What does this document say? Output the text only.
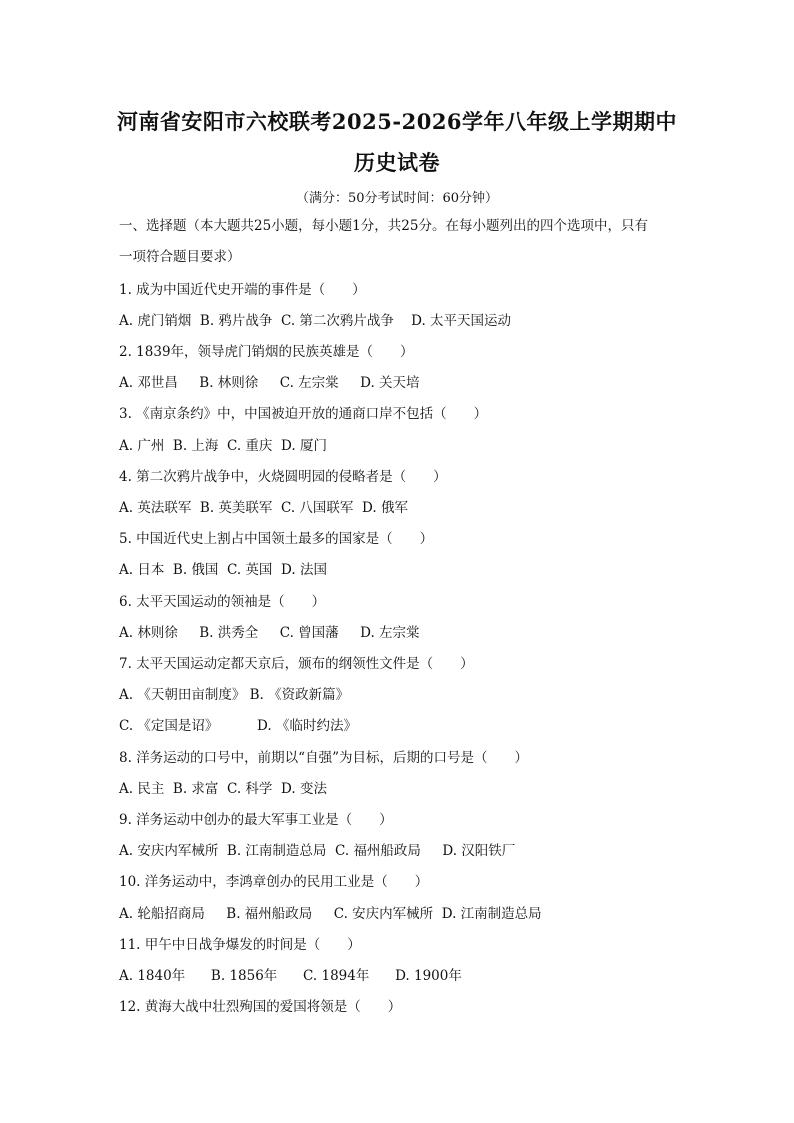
河南省安阳市六校联考2025-2026学年八年级上学期期中
历史试卷
（满分：50分考试时间：60分钟）
一、选择题（本大题共25小题，每小题1分，共25分。在每小题列出的四个选项中，只有
一项符合题目要求）
1. 成为中国近代史开端的事件是（　　）
A. 虎门销烟  B. 鸦片战争  C. 第二次鸦片战争    D. 太平天国运动
2. 1839年，领导虎门销烟的民族英雄是（　　）
A. 邓世昌     B. 林则徐     C. 左宗棠     D. 关天培
3. 《南京条约》中，中国被迫开放的通商口岸不包括（　　）
A. 广州  B. 上海  C. 重庆  D. 厦门
4. 第二次鸦片战争中，火烧圆明园的侵略者是（　　）
A. 英法联军  B. 英美联军  C. 八国联军  D. 俄军
5. 中国近代史上割占中国领土最多的国家是（　　）
A. 日本  B. 俄国  C. 英国  D. 法国
6. 太平天国运动的领袖是（　　）
A. 林则徐     B. 洪秀全     C. 曾国藩     D. 左宗棠
7. 太平天国运动定都天京后，颁布的纲领性文件是（　　）
A. 《天朝田亩制度》 B. 《资政新篇》
C. 《定国是诏》         D. 《临时约法》
8. 洋务运动的口号中，前期以“自强”为目标，后期的口号是（　　）
A. 民主  B. 求富  C. 科学  D. 变法
9. 洋务运动中创办的最大军事工业是（　　）
A. 安庆内军械所  B. 江南制造总局  C. 福州船政局     D. 汉阳铁厂
10. 洋务运动中，李鸿章创办的民用工业是（　　）
A. 轮船招商局     B. 福州船政局     C. 安庆内军械所  D. 江南制造总局
11. 甲午中日战争爆发的时间是（　　）
A. 1840年      B. 1856年      C. 1894年      D. 1900年
12. 黄海大战中壮烈殉国的爱国将领是（　　）
